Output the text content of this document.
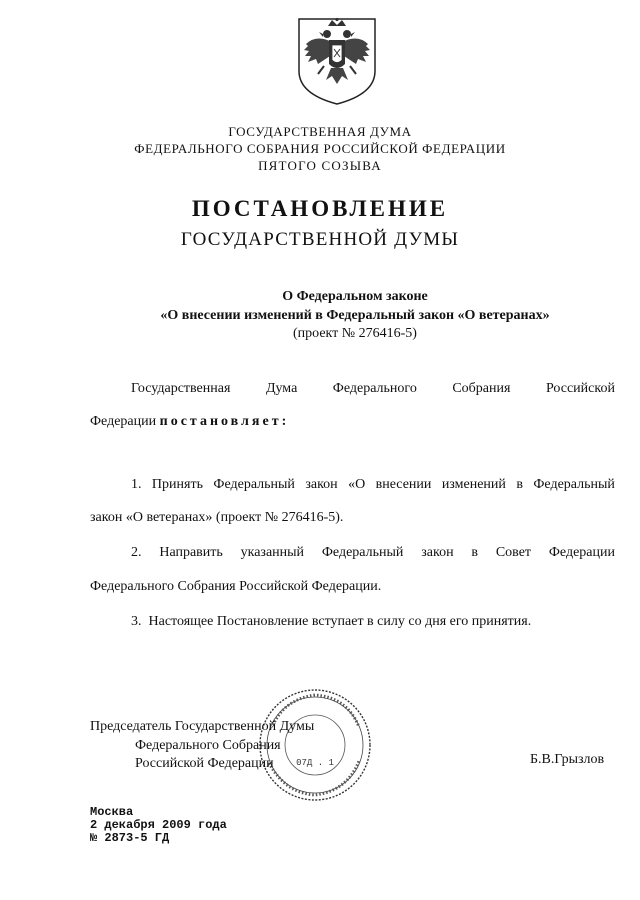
ГОСУДАРСТВЕННАЯ ДУМА
ФЕДЕРАЛЬНОГО СОБРАНИЯ РОССИЙСКОЙ ФЕДЕРАЦИИ
ПЯТОГО СОЗЫВА
ПОСТАНОВЛЕНИЕ
ГОСУДАРСТВЕННОЙ ДУМЫ
О Федеральном законе
«О внесении изменений в Федеральный закон «О ветеранах»
(проект № 276416-5)
Государственная	Дума	Федерального	Собрания	Российской
Федерации постановляет:
1. Принять Федеральный закон «О внесении изменений в Федеральный
закон «О ветеранах» (проект № 276416-5).
2. Направить указанный Федеральный закон в Совет Федерации
Федерального Собрания Российской Федерации.
3.  Настоящее Постановление вступает в силу со дня его принятия.
07Д . 1
Председатель Государственной Думы
Федерального Собрания
Российской Федерации	Б.В.Грызлов
Москва
2 декабря 2009 года
№ 2873-5 ГД
